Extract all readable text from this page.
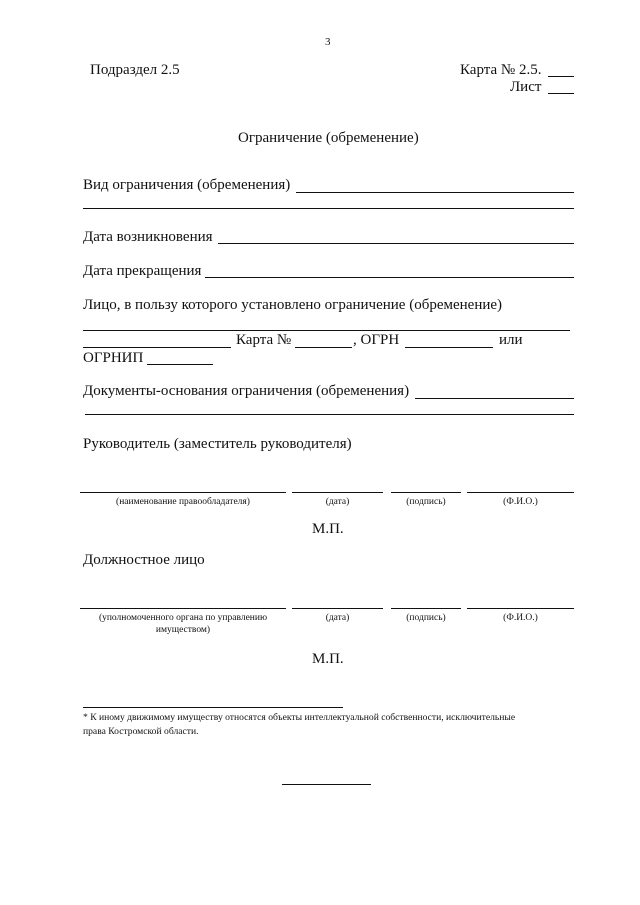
3
Подраздел 2.5	Карта № 2.5.
Лист
Ограничение (обременение)
Вид ограничения (обременения)
Дата возникновения
Дата прекращения
Лицо, в пользу которого установлено ограничение (обременение)
Карта №	, ОГРН	или
ОГРНИП
Документы-основания ограничения (обременения)
Руководитель (заместитель руководителя)
(наименование правообладателя)	(дата)	(подпись)	(Ф.И.О.)
М.П.
Должностное лицо
(уполномоченного органа по управлению
имуществом)
(дата)	(подпись)	(Ф.И.О.)
М.П.
* К иному движимому имуществу относятся объекты интеллектуальной собственности, исключительные
права Костромской области.
